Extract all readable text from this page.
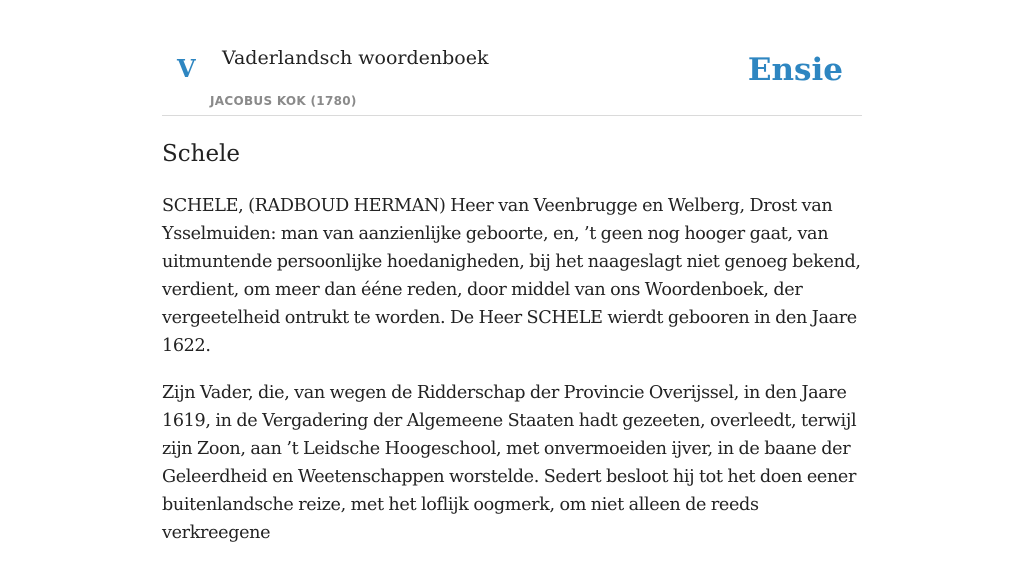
V Vaderlandsch woordenboek
JACOBUS KOK (1780)
Ensie
Schele

SCHELE, (RADBOUD HERMAN) Heer van Veenbrugge en Welberg, Drost van Ysselmuiden: man van aanzienlijke geboorte, en, ’t geen nog hooger gaat, van uitmuntende persoonlijke hoedanigheden, bij het naageslagt niet genoeg bekend, verdient, om meer dan ééne reden, door middel van ons Woordenboek, der vergeetelheid ontrukt te worden. De Heer SCHELE wierdt gebooren in den Jaare 1622.

Zijn Vader, die, van wegen de Ridderschap der Provincie Overijssel, in den Jaare 1619, in de Vergadering der Algemeene Staaten hadt gezeeten, overleedt, terwijl zijn Zoon, aan ’t Leidsche Hoogeschool, met onvermoeiden ijver, in de baane der Geleerdheid en Weetenschappen worstelde. Sedert besloot hij tot het doen eener buitenlandsche reize, met het loflijk oogmerk, om niet alleen de reeds verkreegene
